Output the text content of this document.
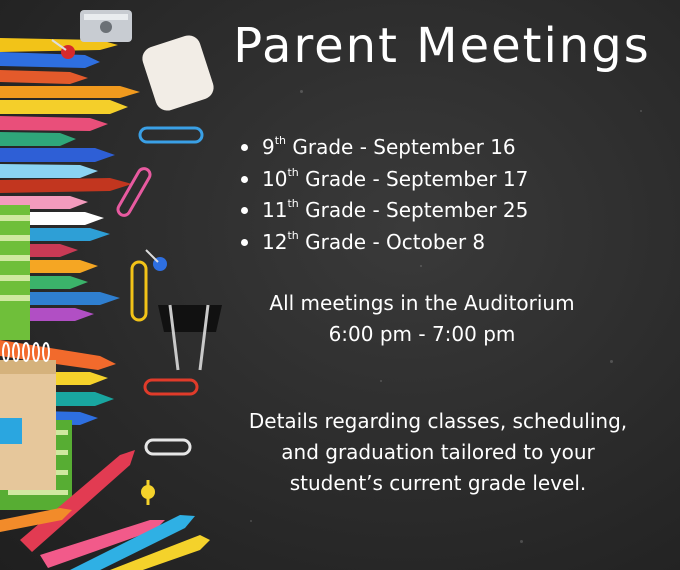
Parent Meetings
9th Grade - September 16
10th Grade - September 17
11th Grade - September 25
12th Grade - October 8
All meetings in the Auditorium
6:00 pm - 7:00 pm
Details regarding classes, scheduling,
and graduation tailored to your
student’s current grade level.
